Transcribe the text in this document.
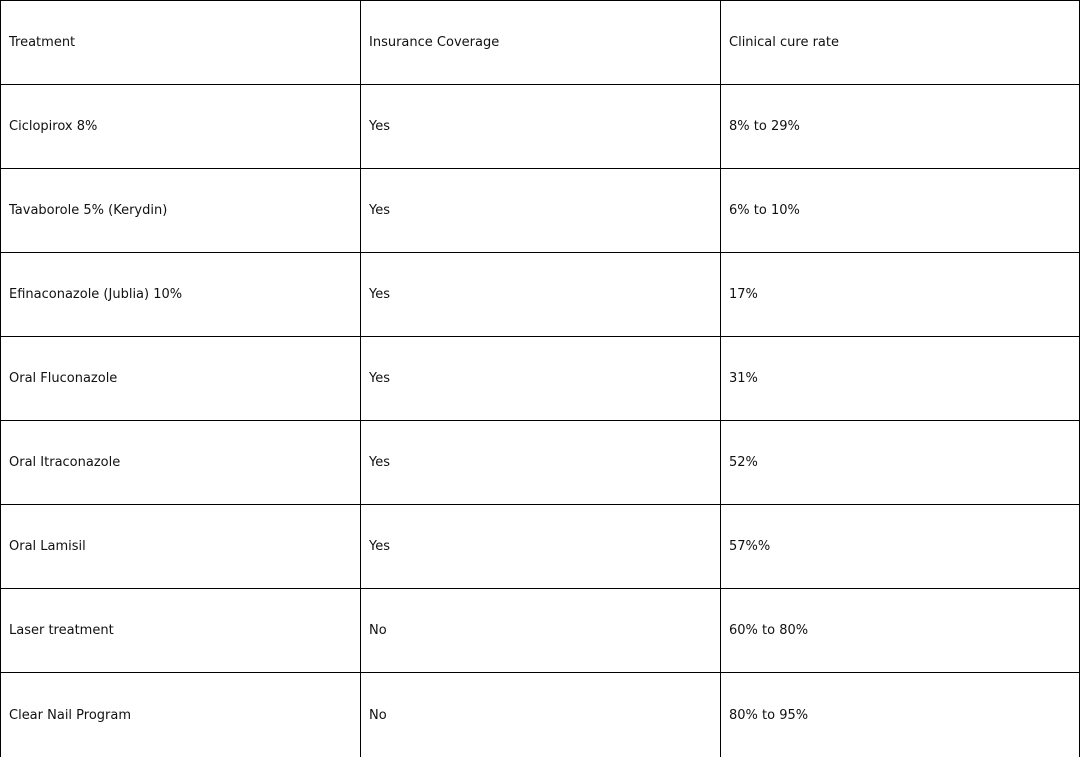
Treatment	Insurance Coverage	Clinical cure rate
Ciclopirox 8%	Yes	8% to 29%
Tavaborole 5% (Kerydin)	Yes	6% to 10%
Efinaconazole (Jublia) 10%	Yes	17%
Oral Fluconazole	Yes	31%
Oral Itraconazole	Yes	52%
Oral Lamisil	Yes	57%%
Laser treatment	No	60% to 80%
Clear Nail Program	No	80% to 95%
